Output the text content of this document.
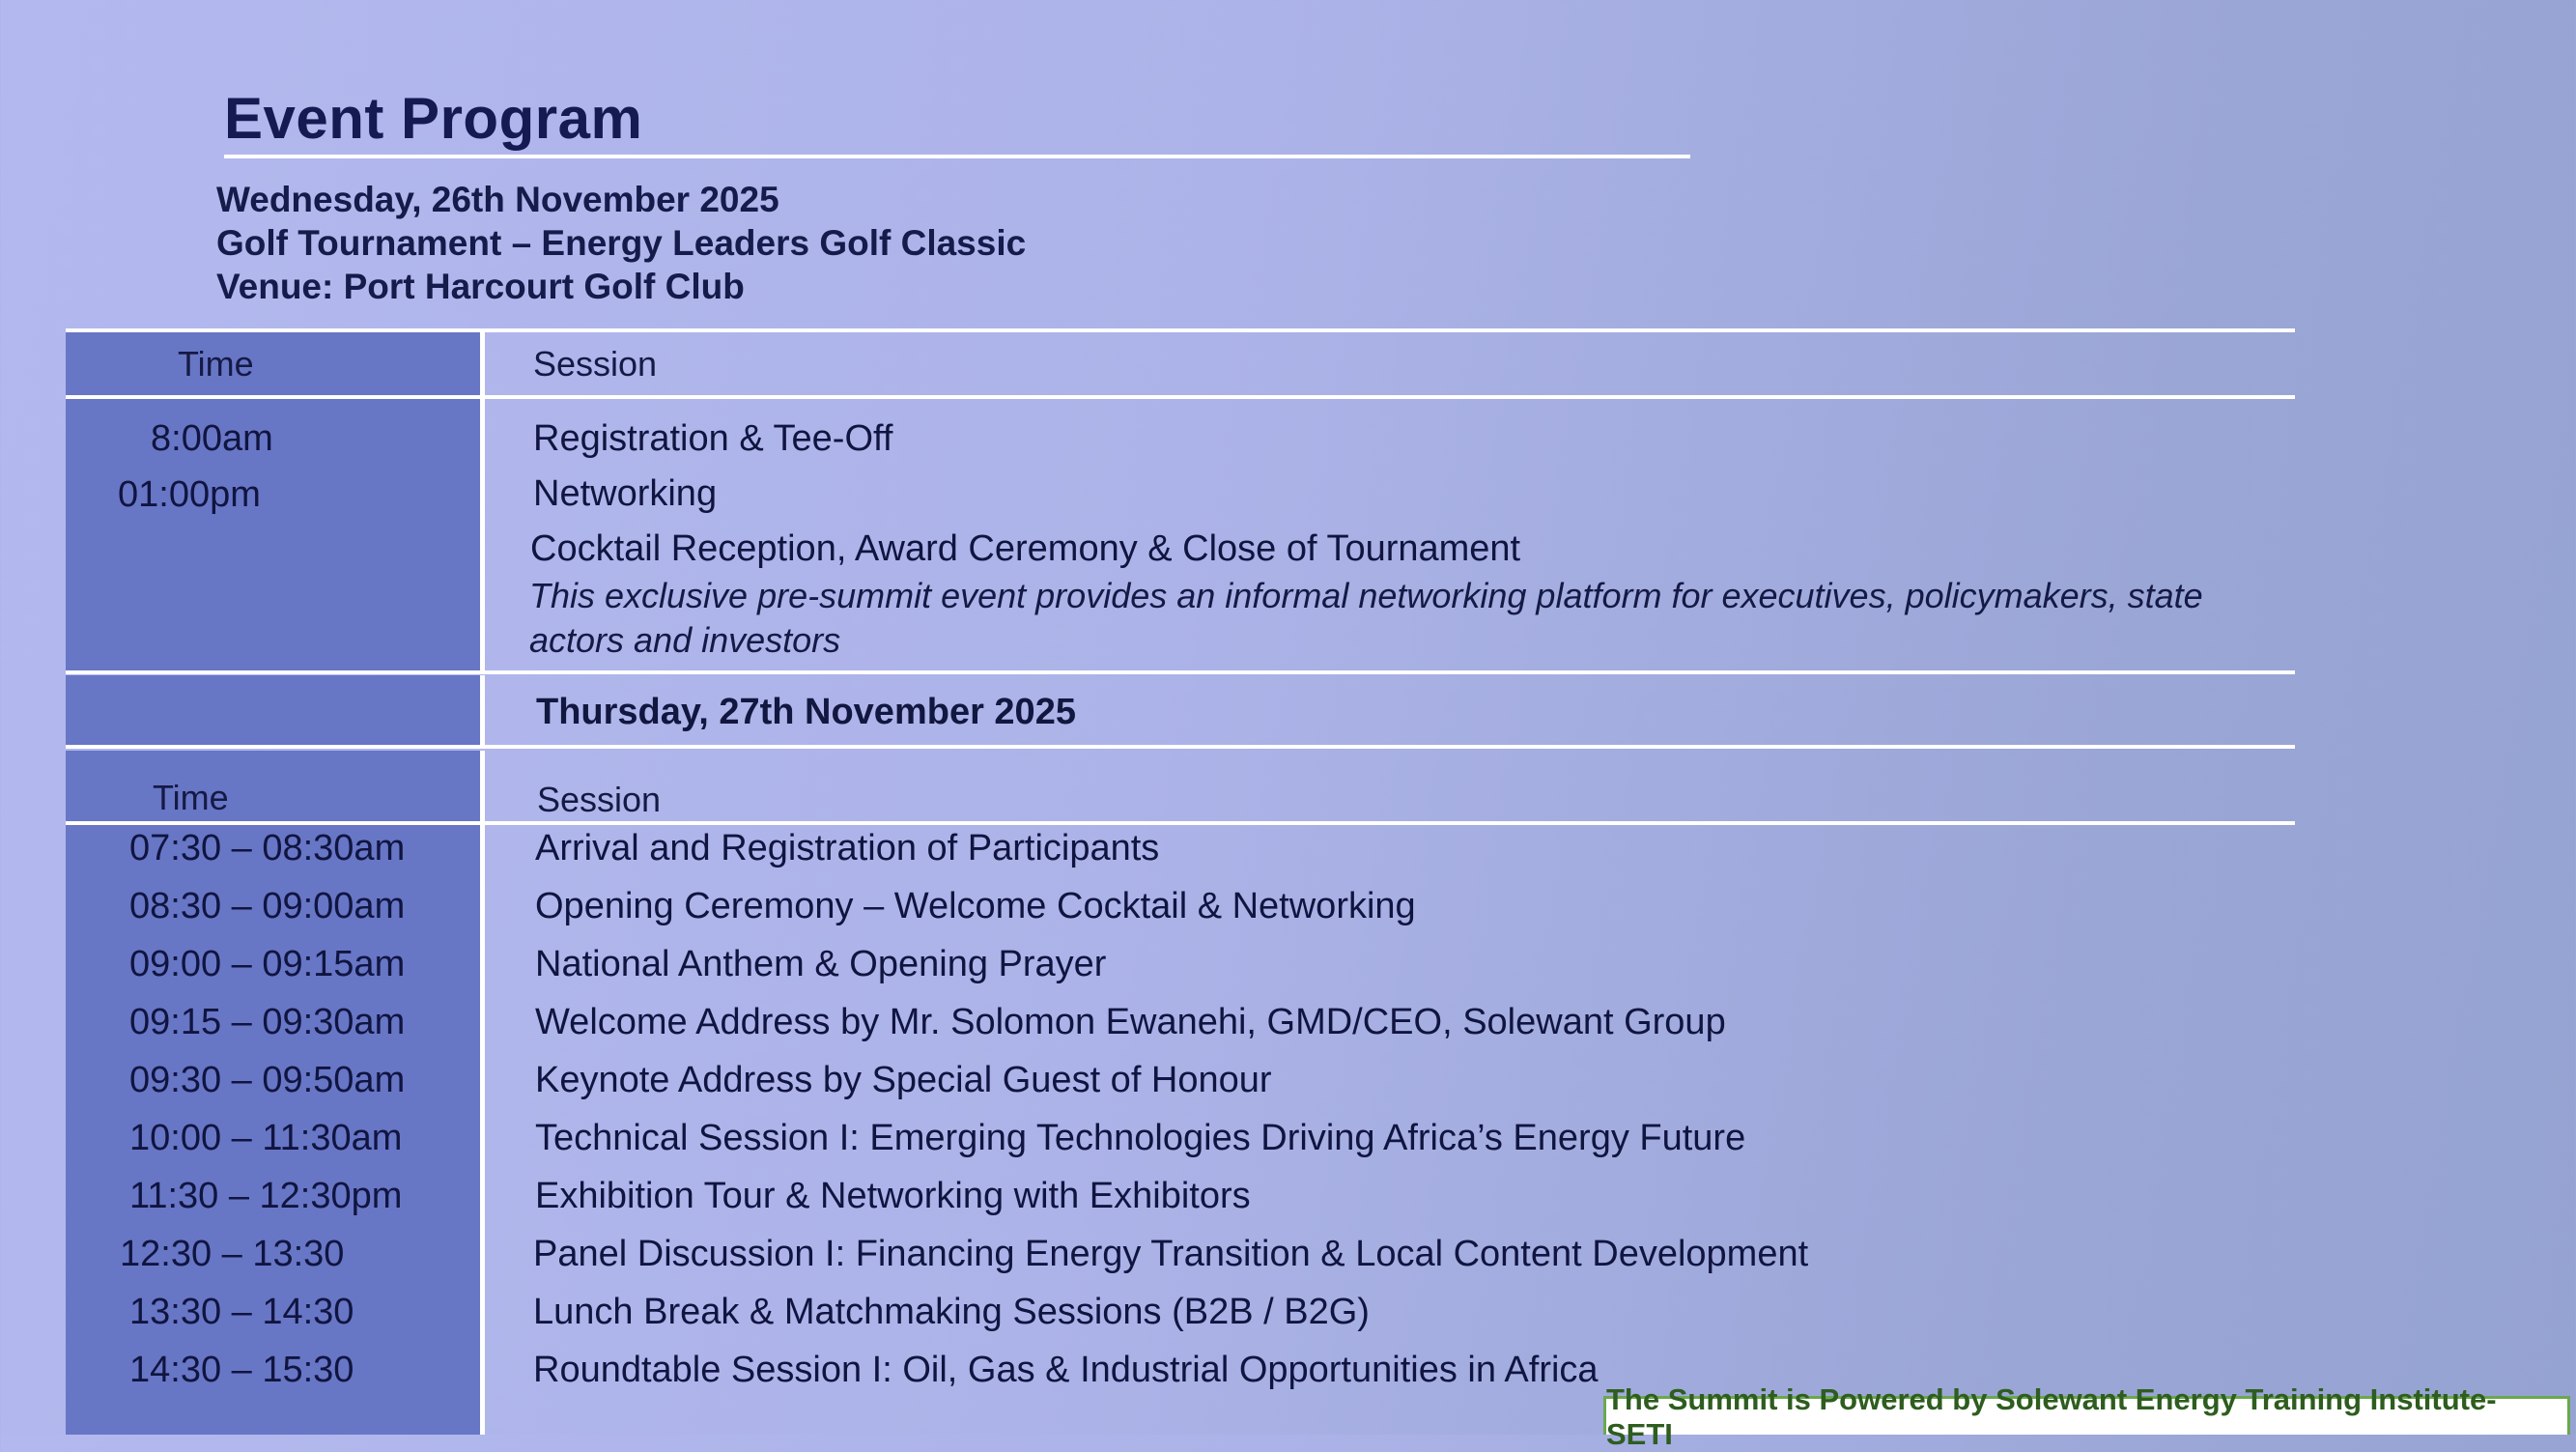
Event Program
Wednesday, 26th November 2025
Golf Tournament – Energy Leaders Golf Classic
Venue: Port Harcourt Golf Club
Time	Session
8:00am	Registration & Tee-Off
01:00pm	Networking
Cocktail Reception, Award Ceremony & Close of Tournament
This exclusive pre-summit event provides an informal networking platform for executives, policymakers, state actors and investors
Thursday, 27th November 2025
Time	Session
07:30 – 08:30am	Arrival and Registration of Participants
08:30 – 09:00am	Opening Ceremony – Welcome Cocktail & Networking
09:00 – 09:15am	National Anthem & Opening Prayer
09:15 – 09:30am	Welcome Address by Mr. Solomon Ewanehi, GMD/CEO, Solewant Group
09:30 – 09:50am	Keynote Address by Special Guest of Honour
10:00 – 11:30am	Technical Session I: Emerging Technologies Driving Africa’s Energy Future
11:30 – 12:30pm	Exhibition Tour & Networking with Exhibitors
12:30 – 13:30	Panel Discussion I: Financing Energy Transition & Local Content Development
13:30 – 14:30	Lunch Break & Matchmaking Sessions (B2B / B2G)
14:30 – 15:30	Roundtable Session I: Oil, Gas & Industrial Opportunities in Africa
The Summit is Powered by Solewant Energy Training Institute- SETI
